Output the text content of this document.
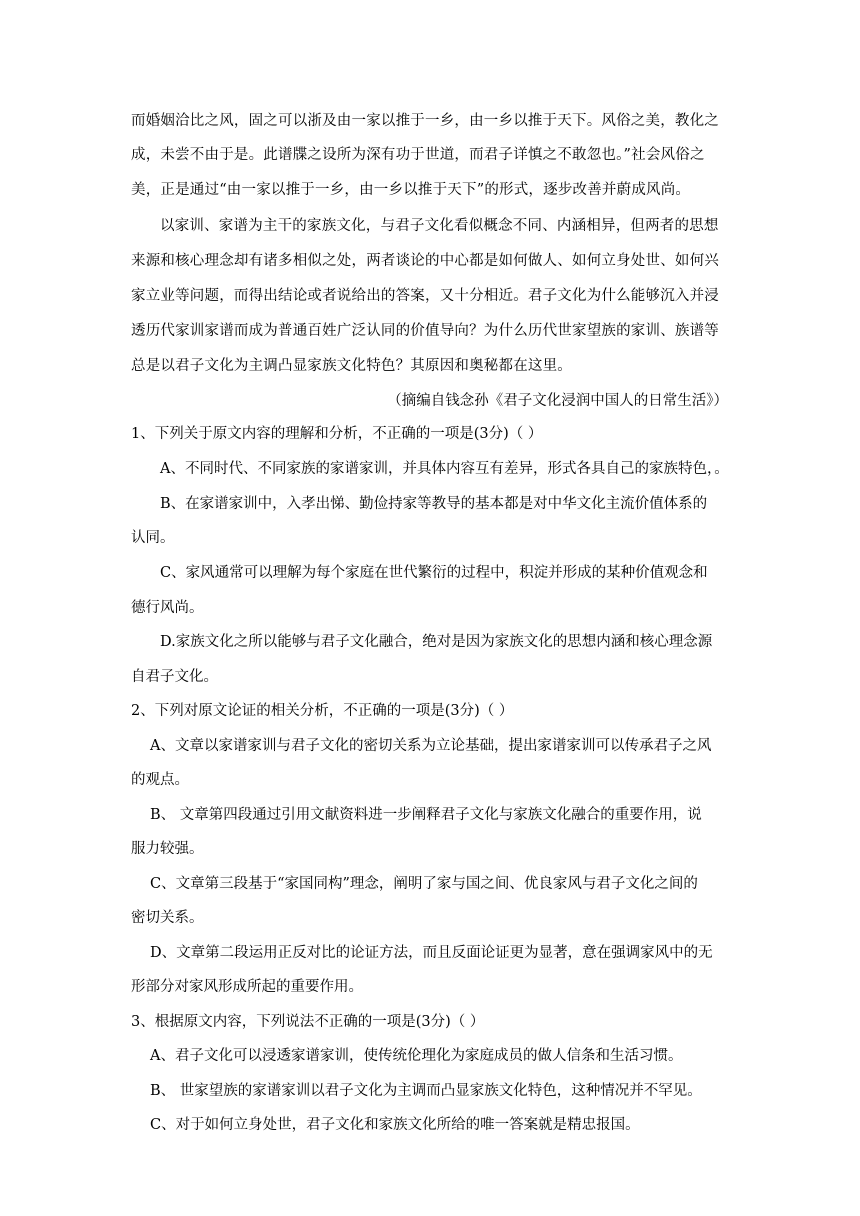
而婚姻洽比之风，固之可以浙及由一家以推于一乡，由一乡以推于天下。风俗之美，教化之
成，未尝不由于是。此谱牒之设所为深有功于世道，而君子详慎之不敢忽也。”社会风俗之
美，正是通过“由一家以推于一乡，由一乡以推于天下”的形式，逐步改善并蔚成风尚。
以家训、家谱为主干的家族文化，与君子文化看似概念不同、内涵相异，但两者的思想
来源和核心理念却有诸多相似之处，两者谈论的中心都是如何做人、如何立身处世、如何兴
家立业等问题，而得出结论或者说给出的答案，又十分相近。君子文化为什么能够沉入并浸
透历代家训家谱而成为普通百姓广泛认同的价值导向？为什么历代世家望族的家训、族谱等
总是以君子文化为主调凸显家族文化特色？其原因和奥秘都在这里。
（摘编自钱念孙《君子文化浸润中国人的日常生活》）
1、下列关于原文内容的理解和分析，不正确的一项是(3分)（ ）
A、不同时代、不同家族的家谱家训，并具体内容互有差异，形式各具自己的家族特色，。
B、在家谱家训中，入孝出悌、勤俭持家等教导的基本都是对中华文化主流价值体系的
认同。
C、家风通常可以理解为每个家庭在世代繁衍的过程中，积淀并形成的某种价值观念和
德行风尚。
D.家族文化之所以能够与君子文化融合，绝对是因为家族文化的思想内涵和核心理念源
自君子文化。
2、下列对原文论证的相关分析，不正确的一项是(3分)（ ）
A、文章以家谱家训与君子文化的密切关系为立论基础，提出家谱家训可以传承君子之风
的观点。
B、 文章第四段通过引用文献资料进一步阐释君子文化与家族文化融合的重要作用，说
服力较强。
C、文章第三段基于“家国同构”理念，阐明了家与国之间、优良家风与君子文化之间的
密切关系。
D、文章第二段运用正反对比的论证方法，而且反面论证更为显著，意在强调家风中的无
形部分对家风形成所起的重要作用。
3、根据原文内容，下列说法不正确的一项是(3分)（ ）
A、君子文化可以浸透家谱家训，使传统伦理化为家庭成员的做人信条和生活习惯。
B、 世家望族的家谱家训以君子文化为主调而凸显家族文化特色，这种情况并不罕见。
C、对于如何立身处世，君子文化和家族文化所给的唯一答案就是精忠报国。
